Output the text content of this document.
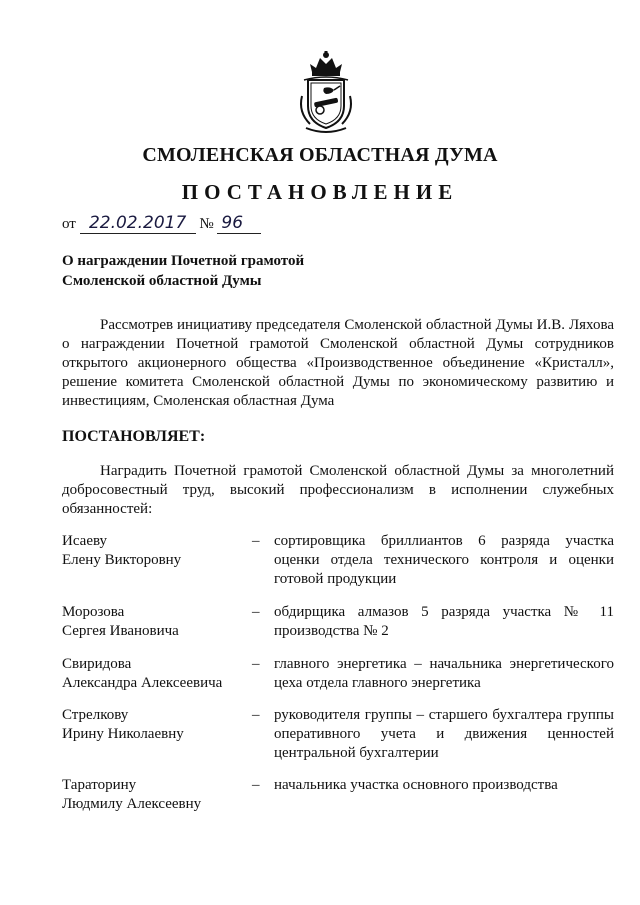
СМОЛЕНСКАЯ ОБЛАСТНАЯ ДУМА
ПОСТАНОВЛЕНИЕ
от 22.02.2017 № 96
О награждении Почетной грамотой
Смоленской областной Думы
Рассмотрев инициативу председателя Смоленской областной Думы И.В. Ляхова о награждении Почетной грамотой Смоленской областной Думы сотрудников открытого акционерного общества «Производственное объединение «Кристалл», решение комитета Смоленской областной Думы по экономическому развитию и инвестициям, Смоленская областная Дума
ПОСТАНОВЛЯЕТ:
Наградить Почетной грамотой Смоленской областной Думы за многолетний добросовестный труд, высокий профессионализм в исполнении служебных обязанностей:
Исаеву
Елену Викторовну
– сортировщика бриллиантов 6 разряда участка оценки отдела технического контроля и оценки готовой продукции
Морозова
Сергея Ивановича
– обдирщика алмазов 5 разряда участка № 11 производства № 2
Свиридова
Александра Алексеевича
– главного энергетика – начальника энергетического цеха отдела главного энергетика
Стрелкову
Ирину Николаевну
– руководителя группы – старшего бухгалтера группы оперативного учета и движения ценностей центральной бухгалтерии
Тараторину
Людмилу Алексеевну
– начальника участка основного производства
